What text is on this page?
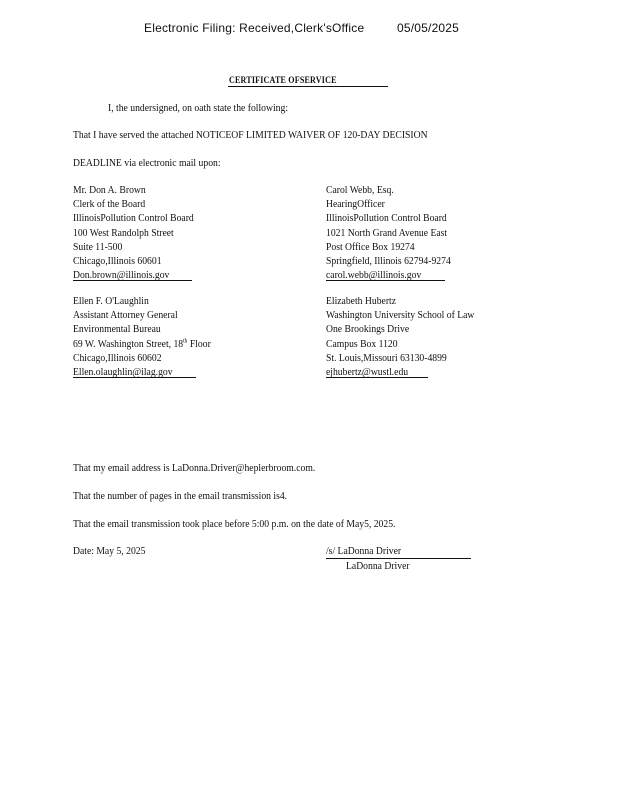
Electronic Filing: Received,Clerk'sOffice	05/05/2025
CERTIFICATE OFSERVICE
I, the undersigned, on oath state the following:
That I have served the attached NOTICEOF LIMITED WAIVER OF 120-DAY DECISION
DEADLINE via electronic mail upon:
Mr. Don A. Brown
Clerk of the Board
IllinoisPollution Control Board
100 West Randolph Street
Suite 11-500
Chicago,Illinois 60601
Don.brown@illinois.gov
Carol Webb, Esq.
HearingOfficer
IllinoisPollution Control Board
1021 North Grand Avenue East
Post Office Box 19274
Springfield, Illinois 62794-9274
carol.webb@illinois.gov
Ellen F. O'Laughlin
Assistant Attorney General
Environmental Bureau
69 W. Washington Street, 18th Floor
Chicago,Illinois 60602
Ellen.olaughlin@ilag.gov
Elizabeth Hubertz
Washington University School of Law
One Brookings Drive
Campus Box 1120
St. Louis,Missouri 63130-4899
ejhubertz@wustl.edu
That my email address is LaDonna.Driver@heplerbroom.com.
That the number of pages in the email transmission is4.
That the email transmission took place before 5:00 p.m. on the date of May5, 2025.
Date: May 5, 2025	/s/ LaDonna Driver
LaDonna Driver
